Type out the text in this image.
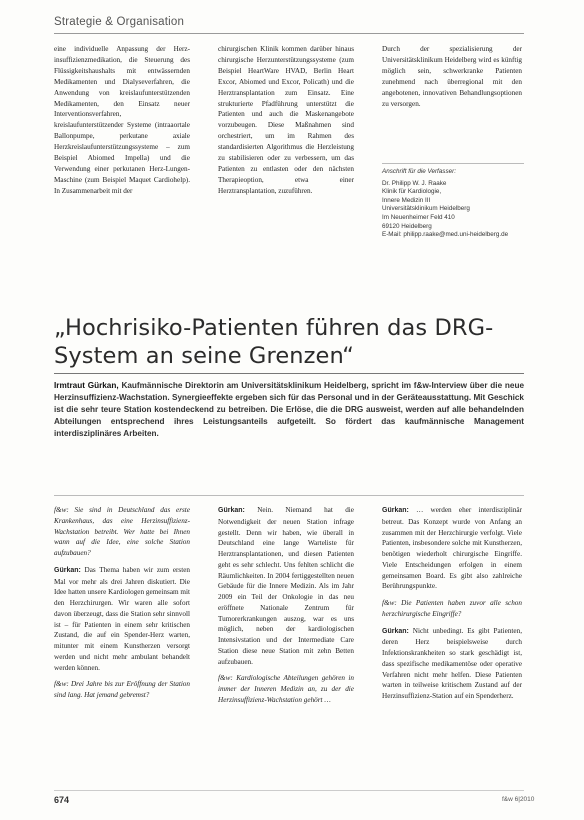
Strategie & Organisation

eine individuelle Anpassung der Herz-insuffizienzmedikation, die Steuerung des Flüssigkeitshaushalts mit entwässernden Medikamenten und Dialyseverfahren, die Anwendung von kreislaufunterstützenden Medikamenten, den Einsatz neuer Interventionsverfahren, kreislaufunterstützender Systeme (intraaortale Ballonpumpe, perkutane axiale Herzkreislaufunterstützungssysteme – zum Beispiel Abiomed Impella) und die Verwendung einer perkutanen Herz-Lungen-Maschine (zum Beispiel Maquet Cardiohelp). In Zusammenarbeit mit der

chirurgischen Klinik kommen darüber hinaus chirurgische Herzunterstützungssysteme (zum Beispiel HeartWare HVAD, Berlin Heart Excor, Abiomed und Excor, Policath) und die Herztransplantation zum Einsatz. Eine strukturierte Pfadführung unterstützt die Patienten und auch die Maskenangebote vorzubeugen. Diese Maßnahmen sind orchestriert, um im Rahmen des standardisierten Algorithmus die Herzleistung zu stabilisieren oder zu verbessern, um das Patienten zu entlasten oder den nächsten Therapieoption, etwa einer Herztransplantation, zuzuführen.

Durch der spezialisierung der Universitätsklinikum Heidelberg wird es künftig möglich sein, schwerkranke Patienten zunehmend nach überregional mit den angebotenen, innovativen Behandlungsoptionen zu versorgen.

Anschrift für die Verfasser:
Dr. Philipp W. J. Raake
Klinik für Kardiologie,
Innere Medizin III
Universitätsklinikum Heidelberg
Im Neuenheimer Feld 410
69120 Heidelberg
E-Mail: philipp.raake@med.uni-heidelberg.de
„Hochrisiko-Patienten führen das DRG-System an seine Grenzen“
Irmtraut Gürkan, Kaufmännische Direktorin am Universitätsklinikum Heidelberg, spricht im f&w-Interview über die neue Herzinsuffizienz-Wachstation. Synergieeffekte ergeben sich für das Personal und in der Geräteausstattung. Mit Geschick ist die sehr teure Station kostendeckend zu betreiben. Die Erlöse, die die DRG ausweist, werden auf alle behandelnden Abteilungen entsprechend ihres Leistungsanteils aufgeteilt. So fördert das kaufmännische Management interdisziplinäres Arbeiten.

f&w: Sie sind in Deutschland das erste Krankenhaus, das eine Herzinsuffizienz-Wachstation betreibt. Wer hatte bei Ihnen wann auf die Idee, eine solche Station aufzubauen?

Gürkan: Das Thema haben wir zum ersten Mal vor mehr als drei Jahren diskutiert. Die Idee hatten unsere Kardiologen gemeinsam mit den Herzchirurgen. Wir waren alle sofort davon überzeugt, dass die Station sehr sinnvoll ist – für Patienten in einem sehr kritischen Zustand, die auf ein Spender-Herz warten, mitunter mit einem Kunstherzen versorgt werden und nicht mehr ambulant behandelt werden können.

f&w: Drei Jahre bis zur Eröffnung der Station sind lang. Hat jemand gebremst?

Gürkan: Nein. Niemand hat die Notwendigkeit der neuen Station infrage gestellt. Denn wir haben, wie überall in Deutschland eine lange Warteliste für Herztransplantationen, und diesen Patienten geht es sehr schlecht. Uns fehlten schlicht die Räumlichkeiten. In 2004 fertiggestellten neuen Gebäude für die Innere Medizin. Als im Jahr 2009 ein Teil der Onkologie in das neu eröffnete Nationale Zentrum für Tumorerkrankungen auszog, war es uns möglich, neben der kardiologischen Intensivstation und der Intermediate Care Station diese neue Station mit zehn Betten aufzubauen.

f&w: Kardiologische Abteilungen gehören in immer der Inneren Medizin an, zu der die Herzinsuffizienz-Wachstation gehört …

Gürkan: … werden eher interdisziplinär betreut. Das Konzept wurde von Anfang an zusammen mit der Herzchirurgie verfolgt. Viele Patienten, insbesondere solche mit Kunstherzen, benötigen wiederholt chirurgische Eingriffe. Viele Entscheidungen erfolgen in einem gemeinsamen Board. Es gibt also zahlreiche Berührungspunkte.

f&w: Die Patienten haben zuvor alle schon herzchirurgische Eingriffe?

Gürkan: Nicht unbedingt. Es gibt Patienten, deren Herz beispielsweise durch Infektionskrankheiten so stark geschädigt ist, dass spezifische medikamentöse oder operative Verfahren nicht mehr helfen. Diese Patienten warten in teilweise kritischem Zustand auf der Herzinsuffizienz-Station auf ein Spenderherz.

674	f&w 6|2010
